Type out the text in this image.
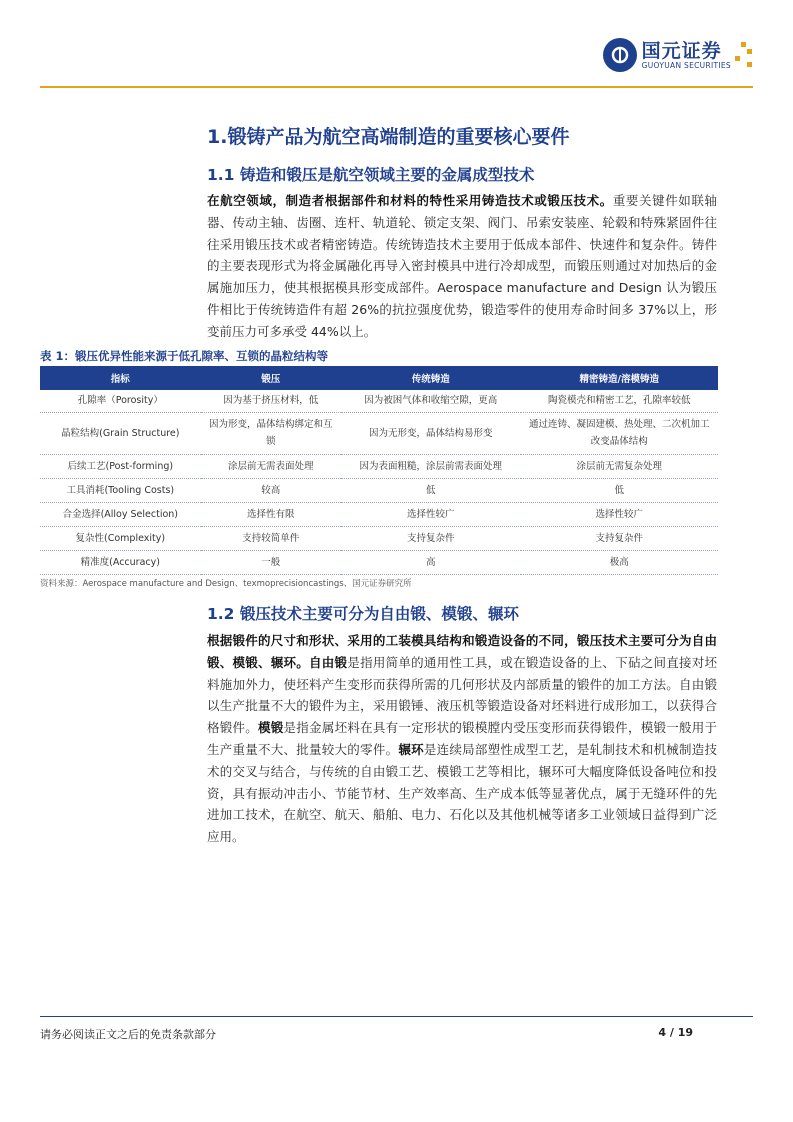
国元证券
GUOYUAN SECURITIES
1.锻铸产品为航空高端制造的重要核心要件
1.1 铸造和锻压是航空领域主要的金属成型技术
在航空领域，制造者根据部件和材料的特性采用铸造技术或锻压技术。重要关键件如联轴器、传动主轴、齿圈、连杆、轨道轮、锁定支架、阀门、吊索安装座、轮毂和特殊紧固件往往采用锻压技术或者精密铸造。传统铸造技术主要用于低成本部件、快速件和复杂件。铸件的主要表现形式为将金属融化再导入密封模具中进行冷却成型，而锻压则通过对加热后的金属施加压力，使其根据模具形变成部件。Aerospace manufacture and Design 认为锻压件相比于传统铸造件有超 26%的抗拉强度优势，锻造零件的使用寿命时间多 37%以上，形变前压力可多承受 44%以上。
表 1：锻压优异性能来源于低孔隙率、互锁的晶粒结构等
指标	锻压	传统铸造	精密铸造/溶模铸造
孔隙率（Porosity）	因为基于挤压材料，低	因为被困气体和收缩空隙，更高	陶瓷模壳和精密工艺，孔隙率较低
晶粒结构(Grain Structure)	因为形变，晶体结构绑定和互锁	因为无形变，晶体结构易形变	通过连铸、凝固建模、热处理、二次机加工改变晶体结构
后续工艺(Post-forming)	涂层前无需表面处理	因为表面粗糙，涂层前需表面处理	涂层前无需复杂处理
工具消耗(Tooling Costs)	较高	低	低
合金选择(Alloy Selection)	选择性有限	选择性较广	选择性较广
复杂性(Complexity)	支持较简单件	支持复杂件	支持复杂件
精准度(Accuracy)	一般	高	极高
资料来源：Aerospace manufacture and Design、texmoprecisioncastings、国元证券研究所
1.2 锻压技术主要可分为自由锻、模锻、辗环
根据锻件的尺寸和形状、采用的工装模具结构和锻造设备的不同，锻压技术主要可分为自由锻、模锻、辗环。自由锻是指用简单的通用性工具，或在锻造设备的上、下砧之间直接对坯料施加外力，使坯料产生变形而获得所需的几何形状及内部质量的锻件的加工方法。自由锻以生产批量不大的锻件为主，采用锻锤、液压机等锻造设备对坯料进行成形加工，以获得合格锻件。模锻是指金属坯料在具有一定形状的锻模膛内受压变形而获得锻件，模锻一般用于生产重量不大、批量较大的零件。辗环是连续局部塑性成型工艺，是轧制技术和机械制造技术的交叉与结合，与传统的自由锻工艺、模锻工艺等相比，辗环可大幅度降低设备吨位和投资，具有振动冲击小、节能节材、生产效率高、生产成本低等显著优点，属于无缝环件的先进加工技术，在航空、航天、船舶、电力、石化以及其他机械等诸多工业领域日益得到广泛应用。
请务必阅读正文之后的免责条款部分	4 / 19
